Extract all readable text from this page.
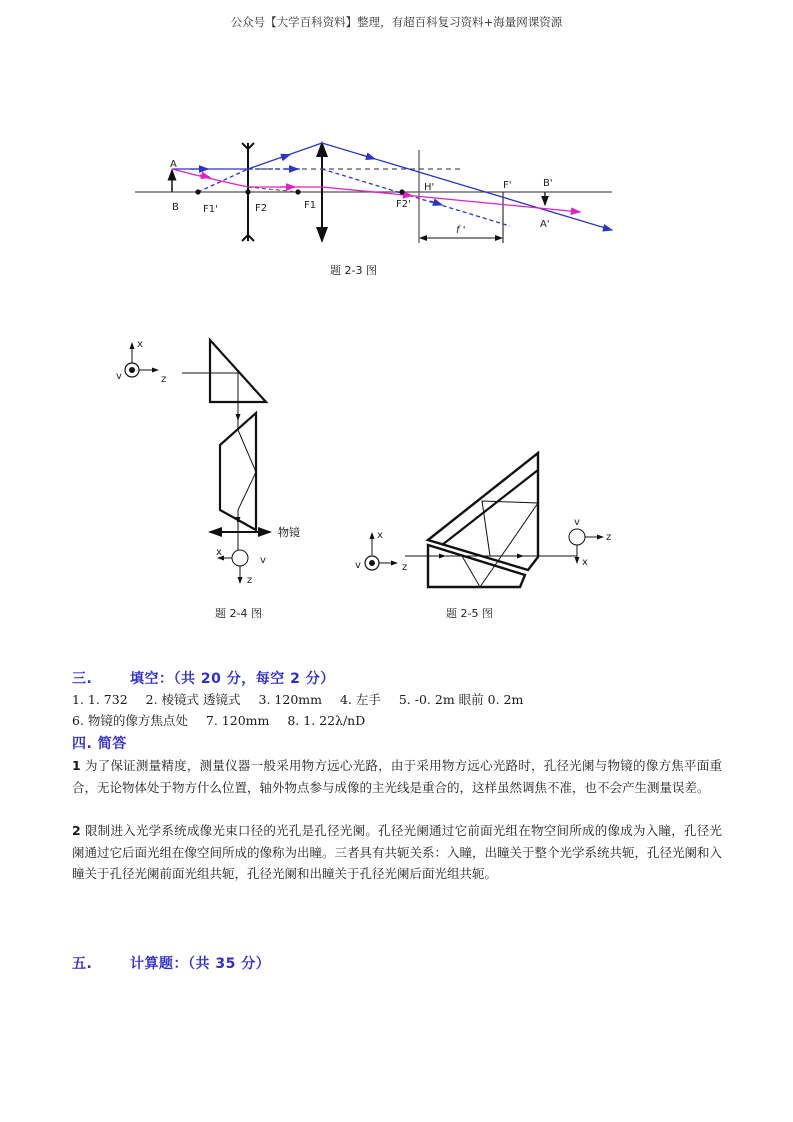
公众号【大学百科资料】整理，有超百科复习资料+海量网课资源
A
B F1'	F2	F1	F2'
H'	F'	B'
A'
f '
题 2-3 图
x
v	z
物镜
x
v
z
题 2-4 图
x
v	z
v
z
x
题 2-5 图
三.	填空：（共 20 分，每空 2 分）
1. 1. 732 2. 棱镜式 透镜式 3. 120mm 4. 左手 5. -0. 2m 眼前 0. 2m
6. 物镜的像方焦点处 7. 120mm 8. 1. 22λ/nD
四. 简答
1 为了保证测量精度，测量仪器一般采用物方远心光路，由于采用物方远心光路时，孔径光阑与物镜的像方焦平面重合，无论物体处于物方什么位置，轴外物点参与成像的主光线是重合的，这样虽然调焦不准，也不会产生测量误差。
2 限制进入光学系统成像光束口径的光孔是孔径光阑。孔径光阑通过它前面光组在物空间所成的像成为入瞳，孔径光阑通过它后面光组在像空间所成的像称为出瞳。三者具有共轭关系：入瞳，出瞳关于整个光学系统共轭，孔径光阑和入瞳关于孔径光阑前面光组共轭，孔径光阑和出瞳关于孔径光阑后面光组共轭。
五.	计算题：（共 35 分）
